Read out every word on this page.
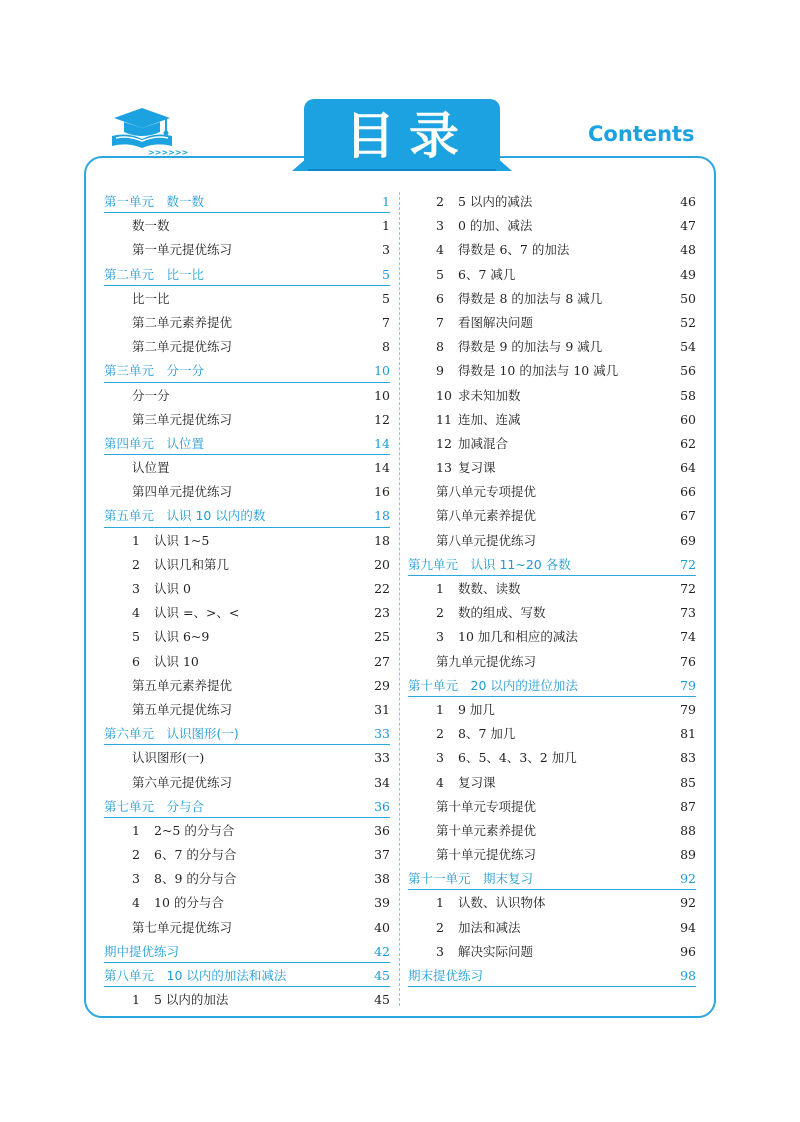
>>>>>>	目录	Contents
第一单元　数一数	1
数一数	1
第一单元提优练习	3
第二单元　比一比	5
比一比	5
第二单元素养提优	7
第二单元提优练习	8
第三单元　分一分	10
分一分	10
第三单元提优练习	12
第四单元　认位置	14
认位置	14
第四单元提优练习	16
第五单元　认识 10 以内的数	18
1 认识 1~5	18
2 认识几和第几	20
3 认识 0	22
4 认识 =、>、<	23
5 认识 6~9	25
6 认识 10	27
第五单元素养提优	29
第五单元提优练习	31
第六单元　认识图形(一)	33
认识图形(一)	33
第六单元提优练习	34
第七单元　分与合	36
1 2~5 的分与合	36
2 6、7 的分与合	37
3 8、9 的分与合	38
4 10 的分与合	39
第七单元提优练习	40
期中提优练习	42
第八单元　10 以内的加法和减法	45
1 5 以内的加法	45
2 5 以内的减法	46
3 0 的加、减法	47
4 得数是 6、7 的加法	48
5 6、7 减几	49
6 得数是 8 的加法与 8 减几	50
7 看图解决问题	52
8 得数是 9 的加法与 9 减几	54
9 得数是 10 的加法与 10 减几	56
10 求未知加数	58
11 连加、连减	60
12 加减混合	62
13 复习课	64
第八单元专项提优	66
第八单元素养提优	67
第八单元提优练习	69
第九单元　认识 11~20 各数	72
1 数数、读数	72
2 数的组成、写数	73
3 10 加几和相应的减法	74
第九单元提优练习	76
第十单元　20 以内的进位加法	79
1 9 加几	79
2 8、7 加几	81
3 6、5、4、3、2 加几	83
4 复习课	85
第十单元专项提优	87
第十单元素养提优	88
第十单元提优练习	89
第十一单元　期末复习	92
1 认数、认识物体	92
2 加法和减法	94
3 解决实际问题	96
期末提优练习	98
